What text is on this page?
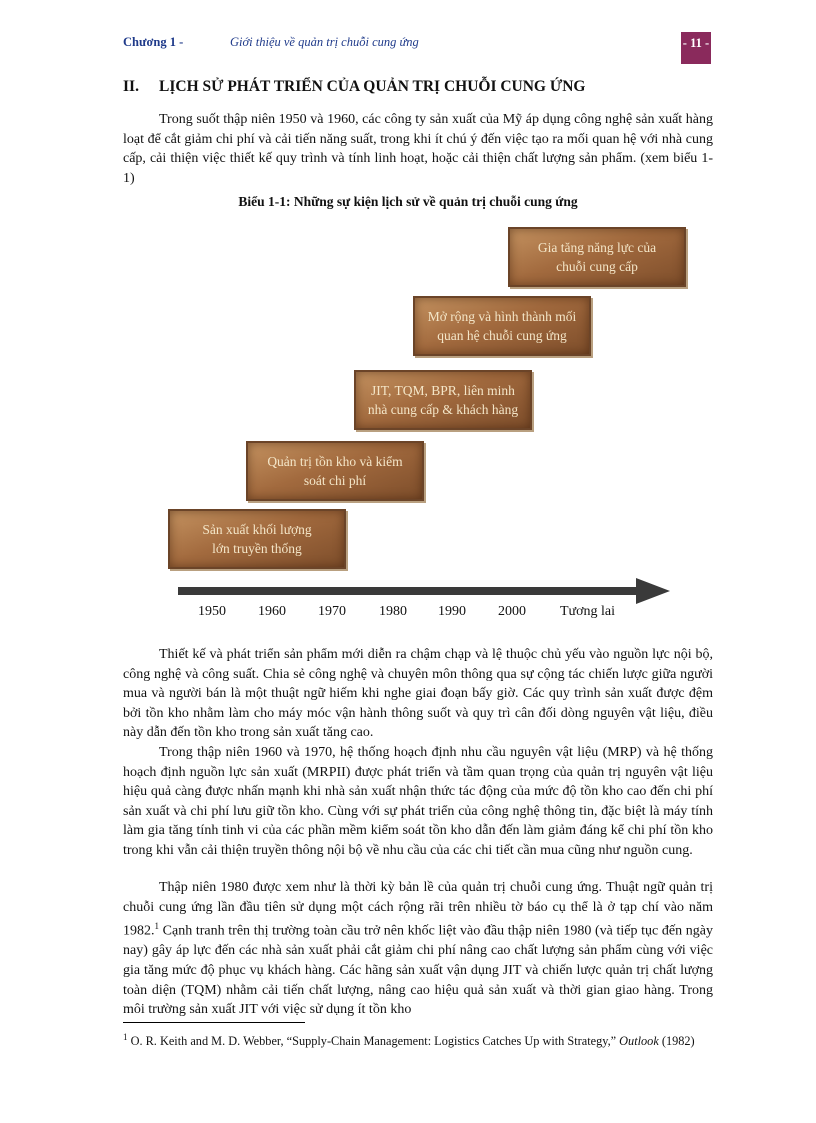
Chương 1 -	Giới thiệu về quản trị chuỗi cung ứng	- 11 -
II. LỊCH SỬ PHÁT TRIỂN CỦA QUẢN TRỊ CHUỖI CUNG ỨNG

Trong suốt thập niên 1950 và 1960, các công ty sản xuất của Mỹ áp dụng công nghệ sản xuất hàng loạt để cắt giảm chi phí và cải tiến năng suất, trong khi ít chú ý đến việc tạo ra mối quan hệ với nhà cung cấp, cải thiện việc thiết kế quy trình và tính linh hoạt, hoặc cải thiện chất lượng sản phẩm. (xem biểu 1-1)

Biểu 1-1: Những sự kiện lịch sử về quản trị chuỗi cung ứng
Sản xuất khối lượng
lớn truyền thống
Quản trị tồn kho và kiểm
soát chi phí
JIT, TQM, BPR, liên minh
nhà cung cấp & khách hàng
Mở rộng và hình thành mối
quan hệ chuỗi cung ứng
Gia tăng năng lực của
chuỗi cung cấp
1950 1960 1970 1980 1990 2000 Tương lai

Thiết kế và phát triển sản phẩm mới diễn ra chậm chạp và lệ thuộc chủ yếu vào nguồn lực nội bộ, công nghệ và công suất. Chia sẻ công nghệ và chuyên môn thông qua sự cộng tác chiến lược giữa người mua và người bán là một thuật ngữ hiếm khi nghe giai đoạn bấy giờ. Các quy trình sản xuất được đệm bởi tồn kho nhằm làm cho máy móc vận hành thông suốt và quy trì cân đối dòng nguyên vật liệu, điều này dẫn đến tồn kho trong sản xuất tăng cao.

Trong thập niên 1960 và 1970, hệ thống hoạch định nhu cầu nguyên vật liệu (MRP) và hệ thống hoạch định nguồn lực sản xuất (MRPII) được phát triển và tầm quan trọng của quản trị nguyên vật liệu hiệu quả càng được nhấn mạnh khi nhà sản xuất nhận thức tác động của mức độ tồn kho cao đến chi phí sản xuất và chi phí lưu giữ tồn kho. Cùng với sự phát triển của công nghệ thông tin, đặc biệt là máy tính làm gia tăng tính tinh vi của các phần mềm kiểm soát tồn kho dẫn đến làm giảm đáng kể chi phí tồn kho trong khi vẫn cải thiện truyền thông nội bộ về nhu cầu của các chi tiết cần mua cũng như nguồn cung.

Thập niên 1980 được xem như là thời kỳ bản lề của quản trị chuỗi cung ứng. Thuật ngữ quản trị chuỗi cung ứng lần đầu tiên sử dụng một cách rộng rãi trên nhiều tờ báo cụ thể là ở tạp chí vào năm 1982.$^1$ Cạnh tranh trên thị trường toàn cầu trở nên khốc liệt vào đầu thập niên 1980 (và tiếp tục đến ngày nay) gây áp lực đến các nhà sản xuất phải cắt giảm chi phí nâng cao chất lượng sản phẩm cùng với việc gia tăng mức độ phục vụ khách hàng. Các hãng sản xuất vận dụng JIT và chiến lược quản trị chất lượng toàn diện (TQM) nhằm cải tiến chất lượng, nâng cao hiệu quả sản xuất và thời gian giao hàng. Trong môi trường sản xuất JIT với việc sử dụng ít tồn kho

$^1$ O. R. Keith and M. D. Webber, “Supply-Chain Management: Logistics Catches Up with Strategy,” Outlook (1982)
